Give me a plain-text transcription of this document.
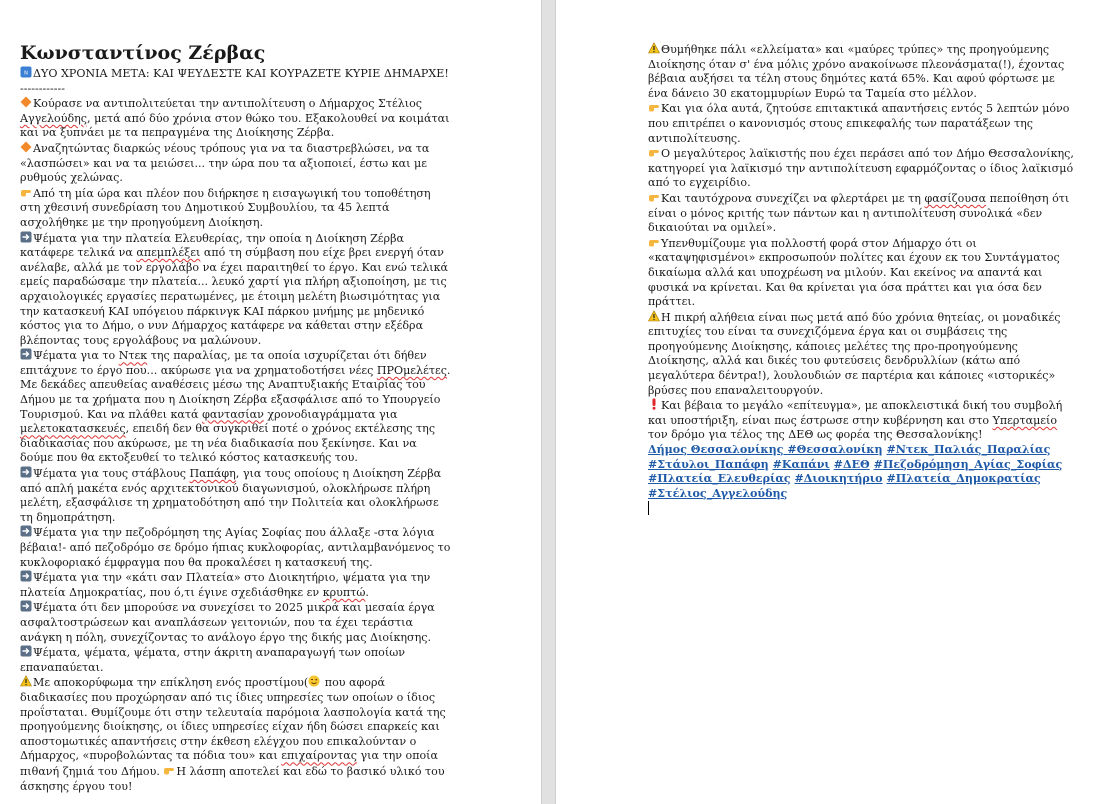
Κωνσταντίνος Ζέρβας

N ΔΥΟ ΧΡΟΝΙΑ ΜΕΤΑ: ΚΑΙ ΨΕΥΔΕΣΤΕ ΚΑΙ ΚΟΥΡΑΖΕΤΕ ΚΥΡΙΕ ΔΗΜΑΡΧΕ!

------------

Κούρασε να αντιπολιτεύεται την αντιπολίτευση ο Δήμαρχος Στέλιος Αγγελούδης, μετά από δύο χρόνια στον θώκο του. Εξακολουθεί να κοιμάται και να ξυπνάει με τα πεπραγμένα της Διοίκησης Ζέρβα.

Αναζητώντας διαρκώς νέους τρόπους για να τα διαστρεβλώσει, να τα «λασπώσει» και να τα μειώσει... την ώρα που τα αξιοποιεί, έστω και με ρυθμούς χελώνας.

Από τη μία ώρα και πλέον που διήρκησε η εισαγωγική του τοποθέτηση στη χθεσινή συνεδρίαση του Δημοτικού Συμβουλίου, τα 45 λεπτά ασχολήθηκε με την προηγούμενη Διοίκηση.

Ψέματα για την πλατεία Ελευθερίας, την οποία η Διοίκηση Ζέρβα κατάφερε τελικά να απεμπλέξει από τη σύμβαση που είχε βρει ενεργή όταν ανέλαβε, αλλά με τον εργολάβο να έχει παραιτηθεί το έργο. Και ενώ τελικά εμείς παραδώσαμε την πλατεία... λευκό χαρτί για πλήρη αξιοποίηση, με τις αρχαιολογικές εργασίες περατωμένες, με έτοιμη μελέτη βιωσιμότητας για την κατασκευή ΚΑΙ υπόγειου πάρκινγκ ΚΑΙ πάρκου μνήμης με μηδενικό κόστος για το Δήμο, ο νυν Δήμαρχος κατάφερε να κάθεται στην εξέδρα βλέποντας τους εργολάβους να μαλώνουν.

Ψέματα για το Ντεκ της παραλίας, με τα οποία ισχυρίζεται ότι δήθεν επιτάχυνε το έργο που... ακύρωσε για να χρηματοδοτήσει νέες ΠΡΟμελέτες. Με δεκάδες απευθείας αναθέσεις μέσω της Αναπτυξιακής Εταιρίας του Δήμου με τα χρήματα που η Διοίκηση Ζέρβα εξασφάλισε από το Υπουργείο Τουρισμού. Και να πλάθει κατά φαντασίαν χρονοδιαγράμματα για μελετοκατασκευές, επειδή δεν θα συγκριθεί ποτέ ο χρόνος εκτέλεσης της διαδικασίας που ακύρωσε, με τη νέα διαδικασία που ξεκίνησε. Και να δούμε που θα εκτοξευθεί το τελικό κόστος κατασκευής του.

Ψέματα για τους στάβλους Παπάφη, για τους οποίους η Διοίκηση Ζέρβα από απλή μακέτα ενός αρχιτεκτονικού διαγωνισμού, ολοκλήρωσε πλήρη μελέτη, εξασφάλισε τη χρηματοδότηση από την Πολιτεία και ολοκλήρωσε τη δημοπράτηση.

Ψέματα για την πεζοδρόμηση της Αγίας Σοφίας που άλλαξε -στα λόγια βέβαια!- από πεζοδρόμο σε δρόμο ήπιας κυκλοφορίας, αντιλαμβανόμενος το κυκλοφοριακό έμφραγμα που θα προκαλέσει η κατασκευή της.

Ψέματα για την «κάτι σαν Πλατεία» στο Διοικητήριο, ψέματα για την πλατεία Δημοκρατίας, που ό,τι έγινε σχεδιάσθηκε εν κρυπτώ.

Ψέματα ότι δεν μπορούσε να συνεχίσει το 2025 μικρά και μεσαία έργα ασφαλτοστρώσεων και αναπλάσεων γειτονιών, που τα έχει τεράστια ανάγκη η πόλη, συνεχίζοντας το ανάλογο έργο της δικής μας Διοίκησης.

Ψέματα, ψέματα, ψέματα, στην άκριτη αναπαραγωγή των οποίων επαναπαύεται.

Με αποκορύφωμα την επίκληση ενός προστίμου(
που αφορά διαδικασίες που προχώρησαν από τις ίδιες υπηρεσίες των οποίων ο ίδιος προΐσταται. Θυμίζουμε ότι στην τελευταία παρόμοια λασπολογία κατά της προηγούμενης διοίκησης, οι ίδιες υπηρεσίες είχαν ήδη δώσει επαρκείς και αποστομωτικές απαντήσεις στην έκθεση ελέγχου που επικαλούνταν ο Δήμαρχος, «πυροβολώντας τα πόδια του» και επιχαίροντας για την οποία πιθανή ζημιά του Δήμου.
Η λάσπη αποτελεί και εδώ το βασικό υλικό του άσκησης έργου του!

Θυμήθηκε πάλι «ελλείματα» και «μαύρες τρύπες» της προηγούμενης Διοίκησης όταν σ' ένα μόλις χρόνο ανακοίνωσε πλεονάσματα(!), έχοντας βέβαια αυξήσει τα τέλη στους δημότες κατά 65%. Και αφού φόρτωσε με ένα δάνειο 30 εκατομμυρίων Ευρώ τα Ταμεία στο μέλλον.

Και για όλα αυτά, ζητούσε επιτακτικά απαντήσεις εντός 5 λεπτών μόνο που επιτρέπει ο κανονισμός στους επικεφαλής των παρατάξεων της αντιπολίτευσης.

Ο μεγαλύτερος λαϊκιστής που έχει περάσει από τον Δήμο Θεσσαλονίκης, κατηγορεί για λαϊκισμό την αντιπολίτευση εφαρμόζοντας ο ίδιος λαϊκισμό από το εγχειρίδιο.

Και ταυτόχρονα συνεχίζει να φλερτάρει με τη φασίζουσα πεποίθηση ότι είναι ο μόνος κριτής των πάντων και η αντιπολίτευση συνολικά «δεν δικαιούται να ομιλεί».

Υπενθυμίζουμε για πολλοστή φορά στον Δήμαρχο ότι οι «καταψηφισμένοι» εκπροσωπούν πολίτες και έχουν εκ του Συντάγματος δικαίωμα αλλά και υποχρέωση να μιλούν. Και εκείνος να απαντά και φυσικά να κρίνεται. Και θα κρίνεται για όσα πράττει και για όσα δεν πράττει.

Η πικρή αλήθεια είναι πως μετά από δύο χρόνια θητείας, οι μοναδικές επιτυχίες του είναι τα συνεχιζόμενα έργα και οι συμβάσεις της προηγούμενης Διοίκησης, κάποιες μελέτες της προ-προηγούμενης Διοίκησης, αλλά και δικές του φυτεύσεις δενδρυλλίων (κάτω από μεγαλύτερα δέντρα!), λουλουδιών σε παρτέρια και κάποιες «ιστορικές» βρύσες που επαναλειτουργούν.

Και βέβαια το μεγάλο «επίτευγμα», με αποκλειστικά δική του συμβολή και υποστήριξη, είναι πως έστρωσε στην κυβέρνηση και στο Υπερταμείο τον δρόμο για τέλος της ΔΕΘ ως φορέα της Θεσσαλονίκης!

Δήμος Θεσσαλονίκης #Θεσσαλονίκη #Ντεκ_Παλιάς_Παραλίας #Στάυλοι_Παπάφη #Καπάνι #ΔΕΘ #Πεζοδρόμηση_Αγίας_Σοφίας #Πλατεία_Ελευθερίας #Διοικητήριο #Πλατεία_Δημοκρατίας #Στέλιος_Αγγελούδης
